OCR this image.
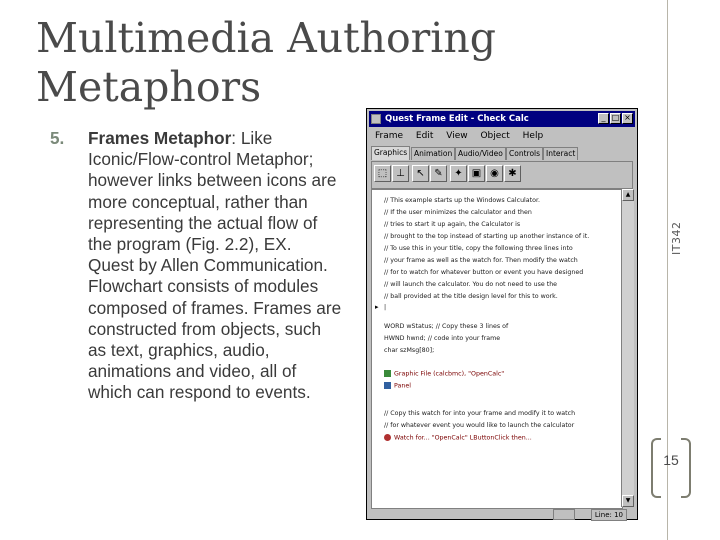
Multimedia Authoring
Metaphors
5. Frames Metaphor: Like Iconic/Flow-control Metaphor; however links between icons are more conceptual, rather than representing the actual flow of the program (Fig. 2.2), EX. Quest by Allen Communication. Flowchart consists of modules composed of frames. Frames are constructed from objects, such as text, graphics, audio, animations and video, all of which can respond to events.
IT342
15
Quest Frame Edit - Check Calc	_ □ ×
Frame Edit View Object Help
Graphics Animation Audio/Video Controls Interact
⬚ ⊥	↖ ✎	✦ ▣ ◉ ✱
// This example starts up the Windows Calculator.
// If the user minimizes the calculator and then
// tries to start it up again, the Calculator is
// brought to the top instead of starting up another instance of it.
// To use this in your title, copy the following three lines into
// your frame as well as the watch for. Then modify the watch
// for to watch for whatever button or event you have designed
// will launch the calculator. You do not need to use the
// ball provided at the title design level for this to work.
▸ |
WORD wStatus; // Copy these 3 lines of
HWND hwnd; // code into your frame
char szMsg[80];
Graphic File (calcbmc), "OpenCalc"
Panel
// Copy this watch for into your frame and modify it to watch
// for whatever event you would like to launch the calculator
Watch for... "OpenCalc" LButtonClick then...
▲
▼
Line: 10
